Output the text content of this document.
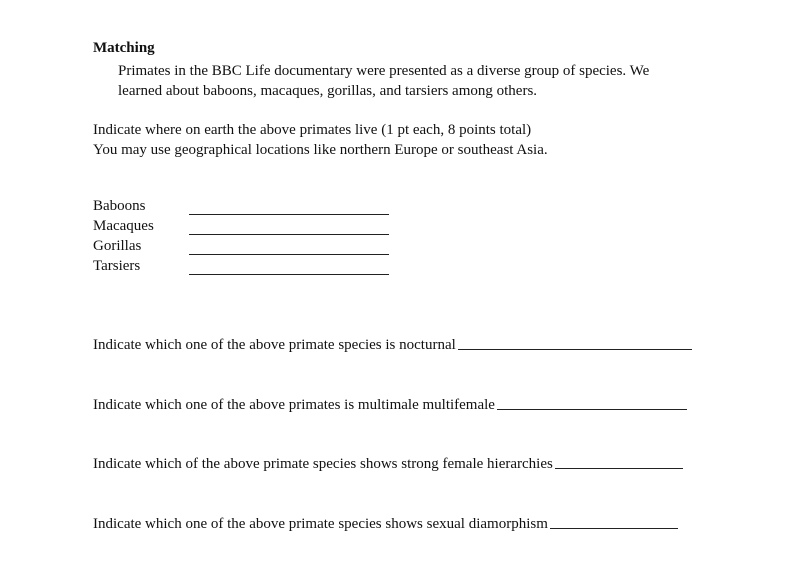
Matching
Primates in the BBC Life documentary were presented as a diverse group of species. We
learned about baboons, macaques, gorillas, and tarsiers among others.
Indicate where on earth the above primates live (1 pt each, 8 points total)
You may use geographical locations like northern Europe or southeast Asia.
Baboons
Macaques
Gorillas
Tarsiers
Indicate which one of the above primate species is nocturnal
Indicate which one of the above primates is multimale multifemale
Indicate which of the above primate species shows strong female hierarchies
Indicate which one of the above primate species shows sexual diamorphism
